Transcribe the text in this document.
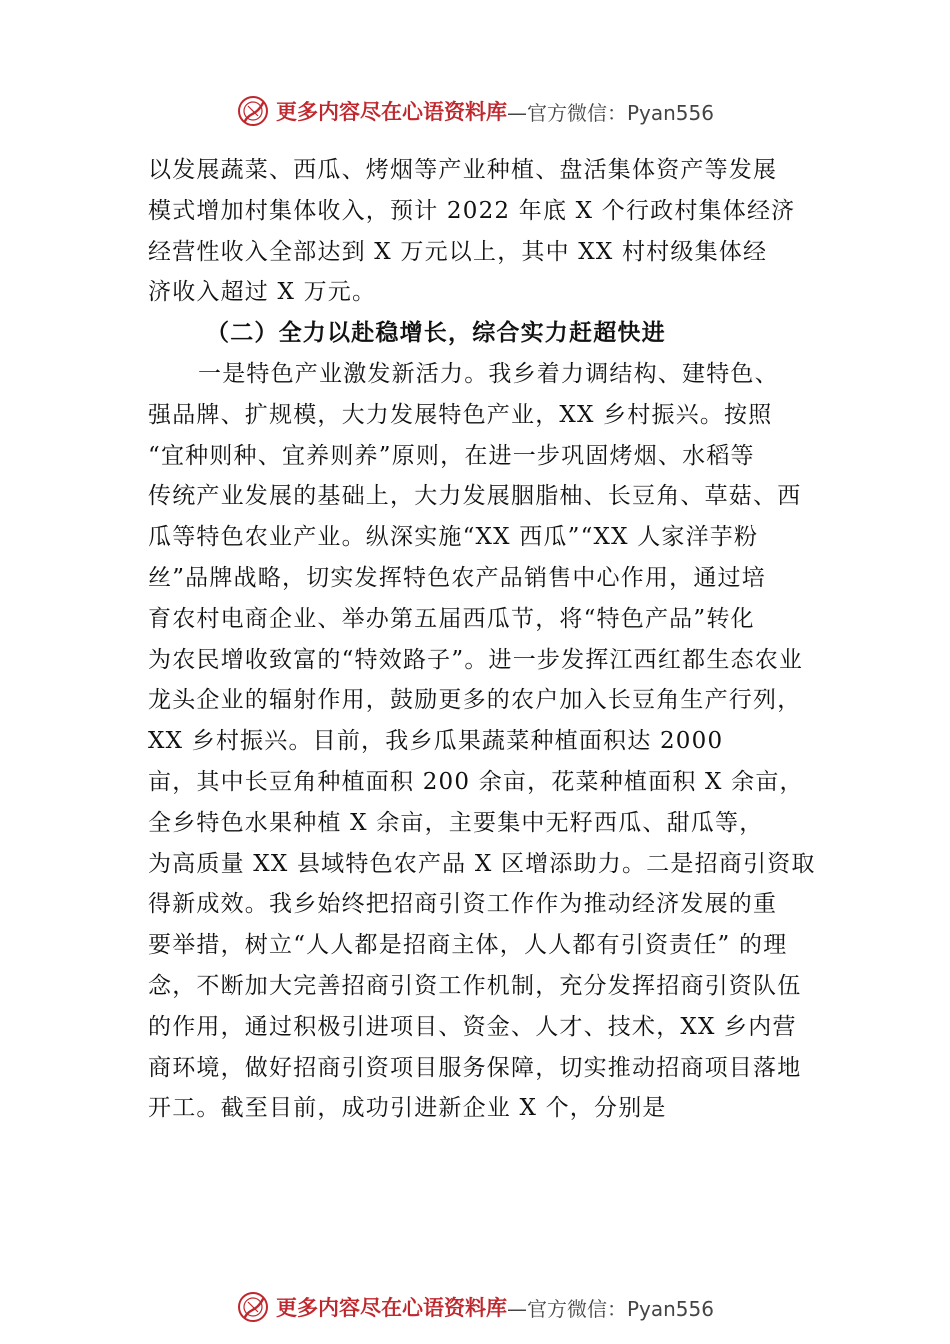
更多内容尽在心语资料库 —官方微信：Pyan556
以发展蔬菜、西瓜、烤烟等产业种植、盘活集体资产等发展
模式增加村集体收入，预计 2022 年底 X 个行政村集体经济
经营性收入全部达到 X 万元以上，其中 XX 村村级集体经
济收入超过 X 万元。
（二）全力以赴稳增长，综合实力赶超快进
一是特色产业激发新活力。我乡着力调结构、建特色、
强品牌、扩规模，大力发展特色产业，XX 乡村振兴。按照
“宜种则种、宜养则养”原则，在进一步巩固烤烟、水稻等
传统产业发展的基础上，大力发展胭脂柚、长豆角、草菇、西
瓜等特色农业产业。纵深实施“XX 西瓜”“XX 人家洋芋粉
丝”品牌战略，切实发挥特色农产品销售中心作用，通过培
育农村电商企业、举办第五届西瓜节，将“特色产品”转化
为农民增收致富的“特效路子”。进一步发挥江西红都生态农业
龙头企业的辐射作用，鼓励更多的农户加入长豆角生产行列，
XX 乡村振兴。目前，我乡瓜果蔬菜种植面积达 2000
亩，其中长豆角种植面积 200 余亩，花菜种植面积 X 余亩，
全乡特色水果种植 X 余亩，主要集中无籽西瓜、甜瓜等，
为高质量 XX 县域特色农产品 X 区增添助力。二是招商引资取
得新成效。我乡始终把招商引资工作作为推动经济发展的重
要举措，树立“人人都是招商主体，人人都有引资责任” 的理
念，不断加大完善招商引资工作机制，充分发挥招商引资队伍
的作用，通过积极引进项目、资金、人才、技术，XX 乡内营
商环境，做好招商引资项目服务保障，切实推动招商项目落地
开工。截至目前，成功引进新企业 X 个，分别是
更多内容尽在心语资料库 —官方微信：Pyan556
